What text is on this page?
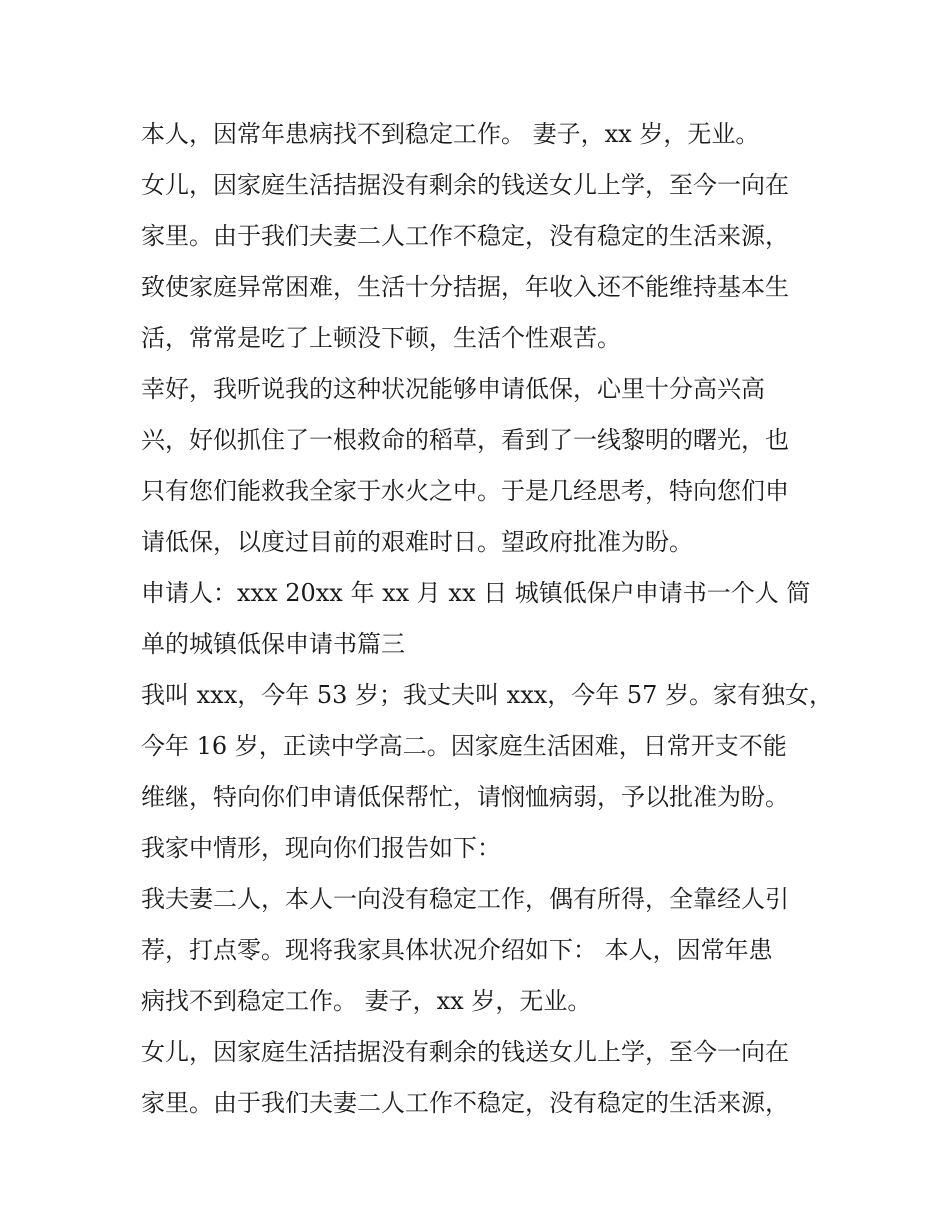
本人，因常年患病找不到稳定工作。 妻子，xx 岁，无业。
女儿，因家庭生活拮据没有剩余的钱送女儿上学，至今一向在
家里。由于我们夫妻二人工作不稳定，没有稳定的生活来源，
致使家庭异常困难，生活十分拮据，年收入还不能维持基本生
活，常常是吃了上顿没下顿，生活个性艰苦。
幸好，我听说我的这种状况能够申请低保，心里十分高兴高
兴，好似抓住了一根救命的稻草，看到了一线黎明的曙光，也
只有您们能救我全家于水火之中。于是几经思考，特向您们申
请低保，以度过目前的艰难时日。望政府批准为盼。
申请人：xxx 20xx 年 xx 月 xx 日 城镇低保户申请书一个人 简
单的城镇低保申请书篇三
我叫 xxx，今年 53 岁；我丈夫叫 xxx，今年 57 岁。家有独女，
今年 16 岁，正读中学高二。因家庭生活困难，日常开支不能
维继，特向你们申请低保帮忙，请悯恤病弱，予以批准为盼。
我家中情形，现向你们报告如下：
我夫妻二人，本人一向没有稳定工作，偶有所得，全靠经人引
荐，打点零。现将我家具体状况介绍如下： 本人，因常年患
病找不到稳定工作。 妻子，xx 岁，无业。
女儿，因家庭生活拮据没有剩余的钱送女儿上学，至今一向在
家里。由于我们夫妻二人工作不稳定，没有稳定的生活来源，
